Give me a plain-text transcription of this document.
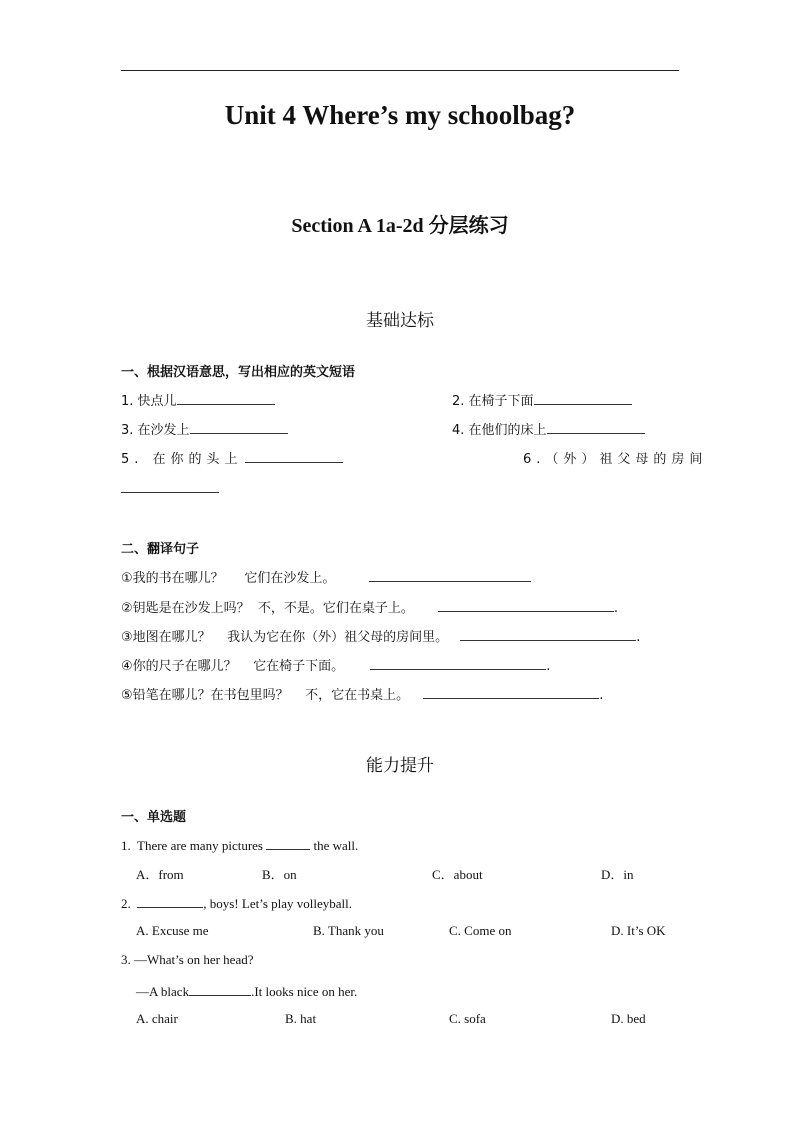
Unit 4 Where’s my schoolbag?
Section A 1a-2d 分层练习
基础达标
一、根据汉语意思，写出相应的英文短语
1. 快点儿	2. 在椅子下面
3. 在沙发上	4. 在他们的床上
5. 在你的头上	6.（外）祖父母的房间
二、翻译句子
①我的书在哪儿？     它们在沙发上。
②钥匙是在沙发上吗？  不，不是。它们在桌子上。	.
③地图在哪儿？    我认为它在你（外）祖父母的房间里。	.
④你的尺子在哪儿？    它在椅子下面。	.
⑤铅笔在哪儿？在书包里吗？    不，它在书桌上。	.
能力提升
一、单选题
1.  There are many pictures	the wall.
A．from	B．on	C．about	D．in
2.	, boys! Let’s play volleyball.
A. Excuse me	B. Thank you	C. Come on	D. It’s OK
3. —What’s on her head?
—A black	.It looks nice on her.
A. chair	B. hat	C. sofa	D. bed
